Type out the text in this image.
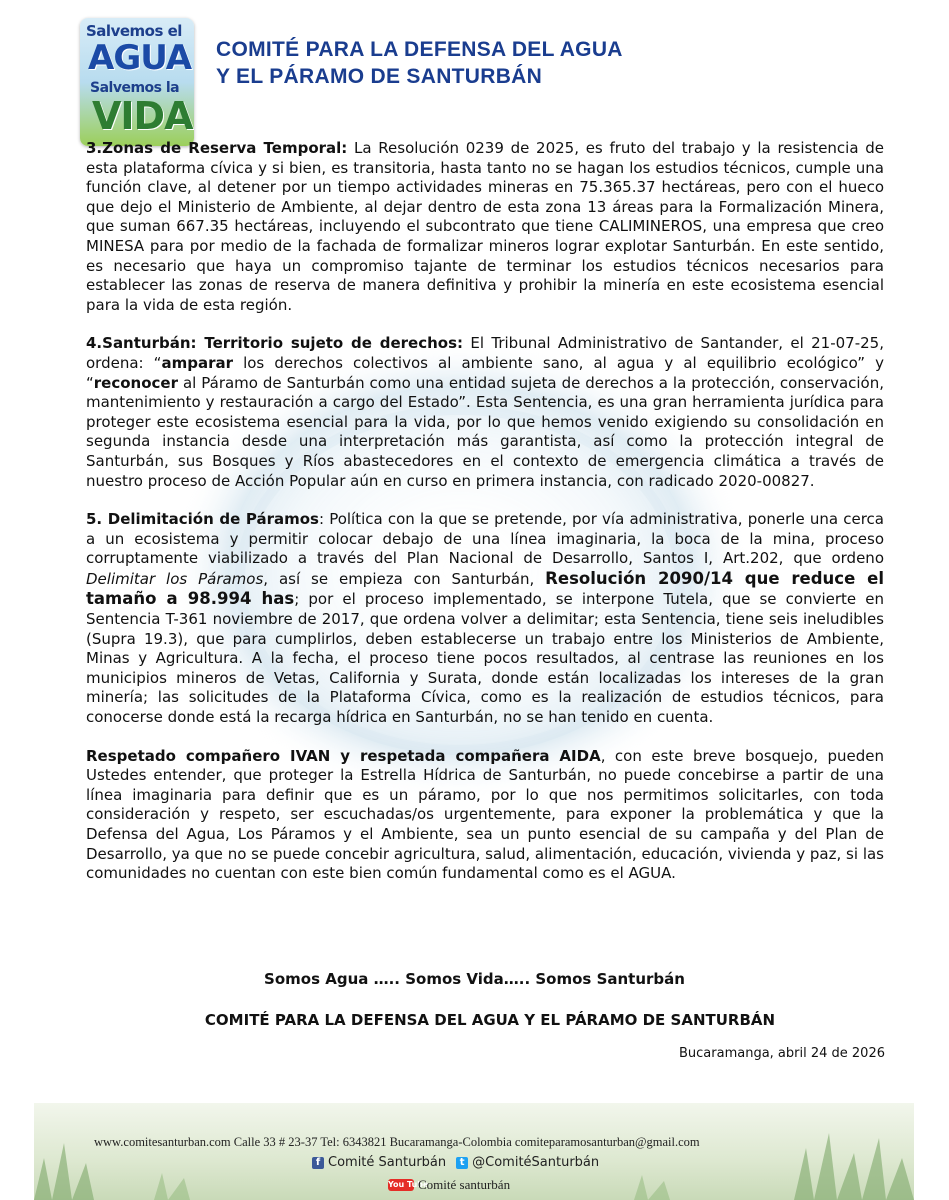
Salvemos el
AGUA
Salvemos la
VIDA
COMITÉ PARA LA DEFENSA DEL AGUA
Y EL PÁRAMO DE SANTURBÁN

3.Zonas de Reserva Temporal: La Resolución 0239 de 2025, es fruto del trabajo y la resistencia de esta plataforma cívica y si bien, es transitoria, hasta tanto no se hagan los estudios técnicos, cumple una función clave, al detener por un tiempo actividades mineras en 75.365.37 hectáreas, pero con el hueco que dejo el Ministerio de Ambiente, al dejar dentro de esta zona 13 áreas para la Formalización Minera, que suman 667.35 hectáreas, incluyendo el subcontrato que tiene CALIMINEROS, una empresa que creo MINESA para por medio de la fachada de formalizar mineros lograr explotar Santurbán. En este sentido, es necesario que haya un compromiso tajante de terminar los estudios técnicos necesarios para establecer las zonas de reserva de manera definitiva y prohibir la minería en este ecosistema esencial para la vida de esta región.

4.Santurbán: Territorio sujeto de derechos: El Tribunal Administrativo de Santander, el 21-07-25, ordena: “amparar los derechos colectivos al ambiente sano, al agua y al equilibrio ecológico” y “reconocer al Páramo de Santurbán como una entidad sujeta de derechos a la protección, conservación, mantenimiento y restauración a cargo del Estado”. Esta Sentencia, es una gran herramienta jurídica para proteger este ecosistema esencial para la vida, por lo que hemos venido exigiendo su consolidación en segunda instancia desde una interpretación más garantista, así como la protección integral de Santurbán, sus Bosques y Ríos abastecedores en el contexto de emergencia climática a través de nuestro proceso de Acción Popular aún en curso en primera instancia, con radicado 2020-00827.

5. Delimitación de Páramos: Política con la que se pretende, por vía administrativa, ponerle una cerca a un ecosistema y permitir colocar debajo de una línea imaginaria, la boca de la mina, proceso corruptamente viabilizado a través del Plan Nacional de Desarrollo, Santos I, Art.202, que ordeno Delimitar los Páramos, así se empieza con Santurbán, Resolución 2090/14 que reduce el tamaño a 98.994 has; por el proceso implementado, se interpone Tutela, que se convierte en Sentencia T-361 noviembre de 2017, que ordena volver a delimitar; esta Sentencia, tiene seis ineludibles (Supra 19.3), que para cumplirlos, deben establecerse un trabajo entre los Ministerios de Ambiente, Minas y Agricultura. A la fecha, el proceso tiene pocos resultados, al centrase las reuniones en los municipios mineros de Vetas, California y Surata, donde están localizadas los intereses de la gran minería; las solicitudes de la Plataforma Cívica, como es la realización de estudios técnicos, para conocerse donde está la recarga hídrica en Santurbán, no se han tenido en cuenta.

Respetado compañero IVAN y respetada compañera AIDA, con este breve bosquejo, pueden Ustedes entender, que proteger la Estrella Hídrica de Santurbán, no puede concebirse a partir de una línea imaginaria para definir que es un páramo, por lo que nos permitimos solicitarles, con toda consideración y respeto, ser escuchadas/os urgentemente, para exponer la problemática y que la Defensa del Agua, Los Páramos y el Ambiente, sea un punto esencial de su campaña y del Plan de Desarrollo, ya que no se puede concebir agricultura, salud, alimentación, educación, vivienda y paz, si las comunidades no cuentan con este bien común fundamental como es el AGUA.

Somos Agua ….. Somos Vida….. Somos Santurbán
COMITÉ PARA LA DEFENSA DEL AGUA Y EL PÁRAMO DE SANTURBÁN
Bucaramanga, abril 24 de 2026
www.comitesanturban.com Calle 33 # 23-37 Tel: 6343821 Bucaramanga-Colombia comiteparamosanturban@gmail.com
f Comité Santurbán	t @ComitéSanturbán
You Tube
Comité santurbán
